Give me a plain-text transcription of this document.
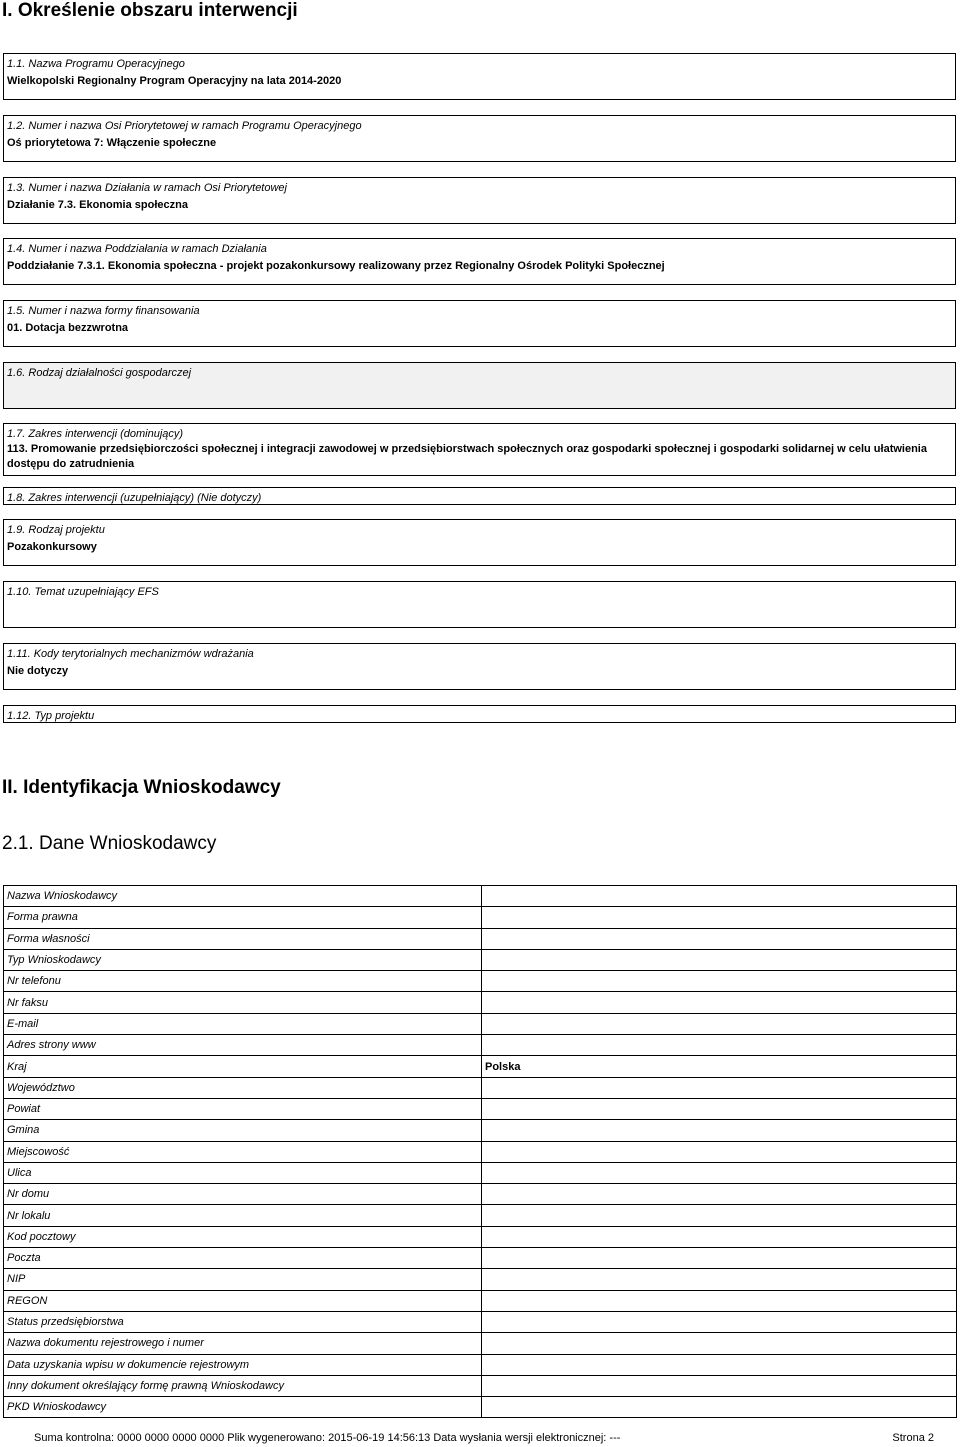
I. Określenie obszaru interwencji
1.1. Nazwa Programu Operacyjnego
Wielkopolski Regionalny Program Operacyjny na lata 2014-2020
1.2. Numer i nazwa Osi Priorytetowej w ramach Programu Operacyjnego
Oś priorytetowa 7: Włączenie społeczne
1.3. Numer i nazwa Działania w ramach Osi Priorytetowej
Działanie 7.3. Ekonomia społeczna
1.4. Numer i nazwa Poddziałania w ramach Działania
Poddziałanie 7.3.1. Ekonomia społeczna - projekt pozakonkursowy realizowany przez Regionalny Ośrodek Polityki Społecznej
1.5. Numer i nazwa formy finansowania
01. Dotacja bezzwrotna
1.6. Rodzaj działalności gospodarczej
1.7. Zakres interwencji (dominujący)
113. Promowanie przedsiębiorczości społecznej i integracji zawodowej w przedsiębiorstwach społecznych oraz gospodarki społecznej i gospodarki solidarnej w celu ułatwienia dostępu do zatrudnienia
1.8. Zakres interwencji (uzupełniający) (Nie dotyczy)
1.9. Rodzaj projektu
Pozakonkursowy
1.10. Temat uzupełniający EFS
1.11. Kody terytorialnych mechanizmów wdrażania
Nie dotyczy
1.12. Typ projektu
II. Identyfikacja Wnioskodawcy
2.1. Dane Wnioskodawcy
Nazwa Wnioskodawcy	
Forma prawna	
Forma własności	
Typ Wnioskodawcy	
Nr telefonu	
Nr faksu	
E-mail	
Adres strony www	
Kraj	Polska
Województwo	
Powiat	
Gmina	
Miejscowość	
Ulica	
Nr domu	
Nr lokalu	
Kod pocztowy	
Poczta	
NIP	
REGON	
Status przedsiębiorstwa	
Nazwa dokumentu rejestrowego i numer	
Data uzyskania wpisu w dokumencie rejestrowym	
Inny dokument określający formę prawną Wnioskodawcy	
PKD Wnioskodawcy	
Suma kontrolna: 0000 0000 0000 0000 Plik wygenerowano: 2015-06-19 14:56:13 Data wysłania wersji elektronicznej: ---	Strona 2
